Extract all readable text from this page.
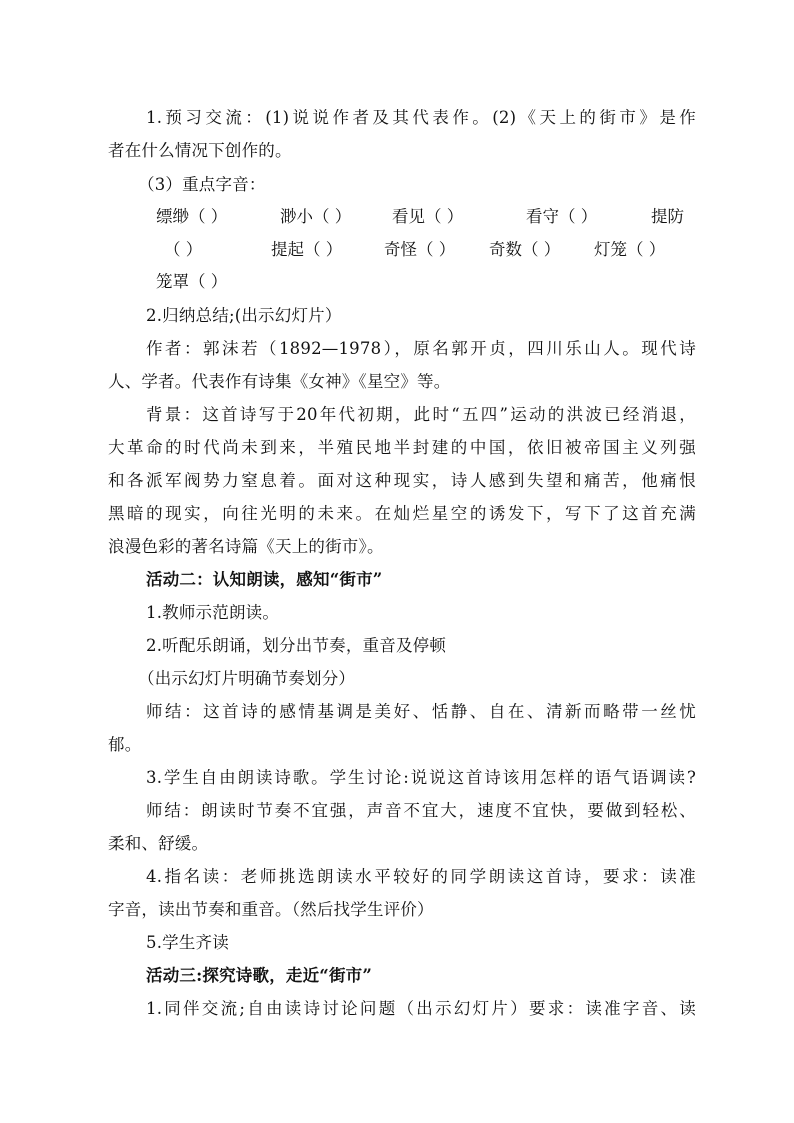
1.预习交流：(1)说说作者及其代表作。(2)《天上的街市》是作
者在什么情况下创作的。
（3）重点字音：
缥缈（ ）	渺小（ ） 看见（ ）	看守（ ）	提防
（ ）	提起（ ）	奇怪（ ） 奇数（ ） 灯笼（ ）
笼罩（ ）
2.归纳总结;(出示幻灯片）
作者：郭沫若（1892—1978），原名郭开贞，四川乐山人。现代诗
人、学者。代表作有诗集《女神》《星空》等。
背景：这首诗写于20年代初期，此时“五四”运动的洪波已经消退，
大革命的时代尚未到来，半殖民地半封建的中国，依旧被帝国主义列强
和各派军阀势力窒息着。面对这种现实，诗人感到失望和痛苦，他痛恨
黑暗的现实，向往光明的未来。在灿烂星空的诱发下，写下了这首充满
浪漫色彩的著名诗篇《天上的街市》。
活动二：认知朗读，感知“街市”
1.教师示范朗读。
2.听配乐朗诵，划分出节奏，重音及停顿
（出示幻灯片明确节奏划分）
师结：这首诗的感情基调是美好、恬静、自在、清新而略带一丝忧
郁。
3.学生自由朗读诗歌。学生讨论:说说这首诗该用怎样的语气语调读?
师结：朗读时节奏不宜强，声音不宜大，速度不宜快，要做到轻松、
柔和、舒缓。
4.指名读：老师挑选朗读水平较好的同学朗读这首诗，要求：读准
字音，读出节奏和重音。（然后找学生评价）
5.学生齐读
活动三:探究诗歌，走近“街市”
1.同伴交流;自由读诗讨论问题（出示幻灯片）要求：读准字音、读
